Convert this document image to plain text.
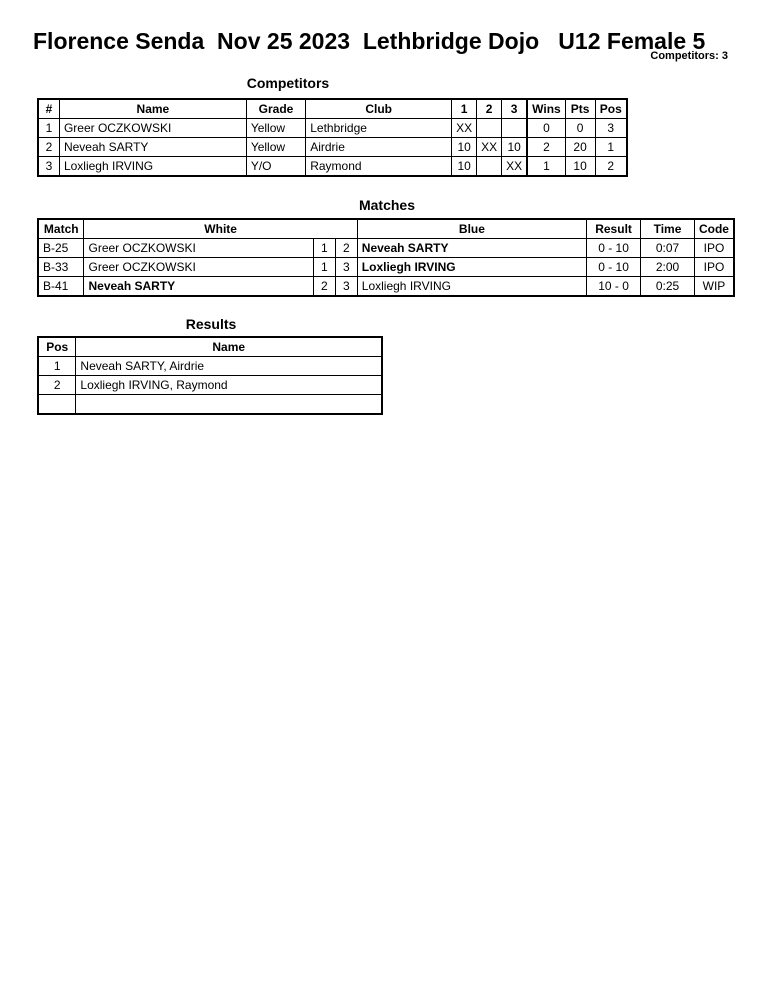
Florence Senda  Nov 25 2023  Lethbridge Dojo   U12 Female 5
Competitors: 3
Competitors
#	Name	Grade	Club	1	2	3	Wins	Pts	Pos
1	Greer OCZKOWSKI	Yellow	Lethbridge	XX			0	0	3
2	Neveah SARTY	Yellow	Airdrie	10	XX	10	2	20	1
3	Loxliegh IRVING	Y/O	Raymond	10		XX	1	10	2
Matches
Match	White			Blue	Result	Time	Code
B-25	Greer OCZKOWSKI	1	2	Neveah SARTY	0 - 10	0:07	IPO
B-33	Greer OCZKOWSKI	1	3	Loxliegh IRVING	0 - 10	2:00	IPO
B-41	Neveah SARTY	2	3	Loxliegh IRVING	10 - 0	0:25	WIP
Results
Pos	Name
1	Neveah SARTY, Airdrie
2	Loxliegh IRVING, Raymond
